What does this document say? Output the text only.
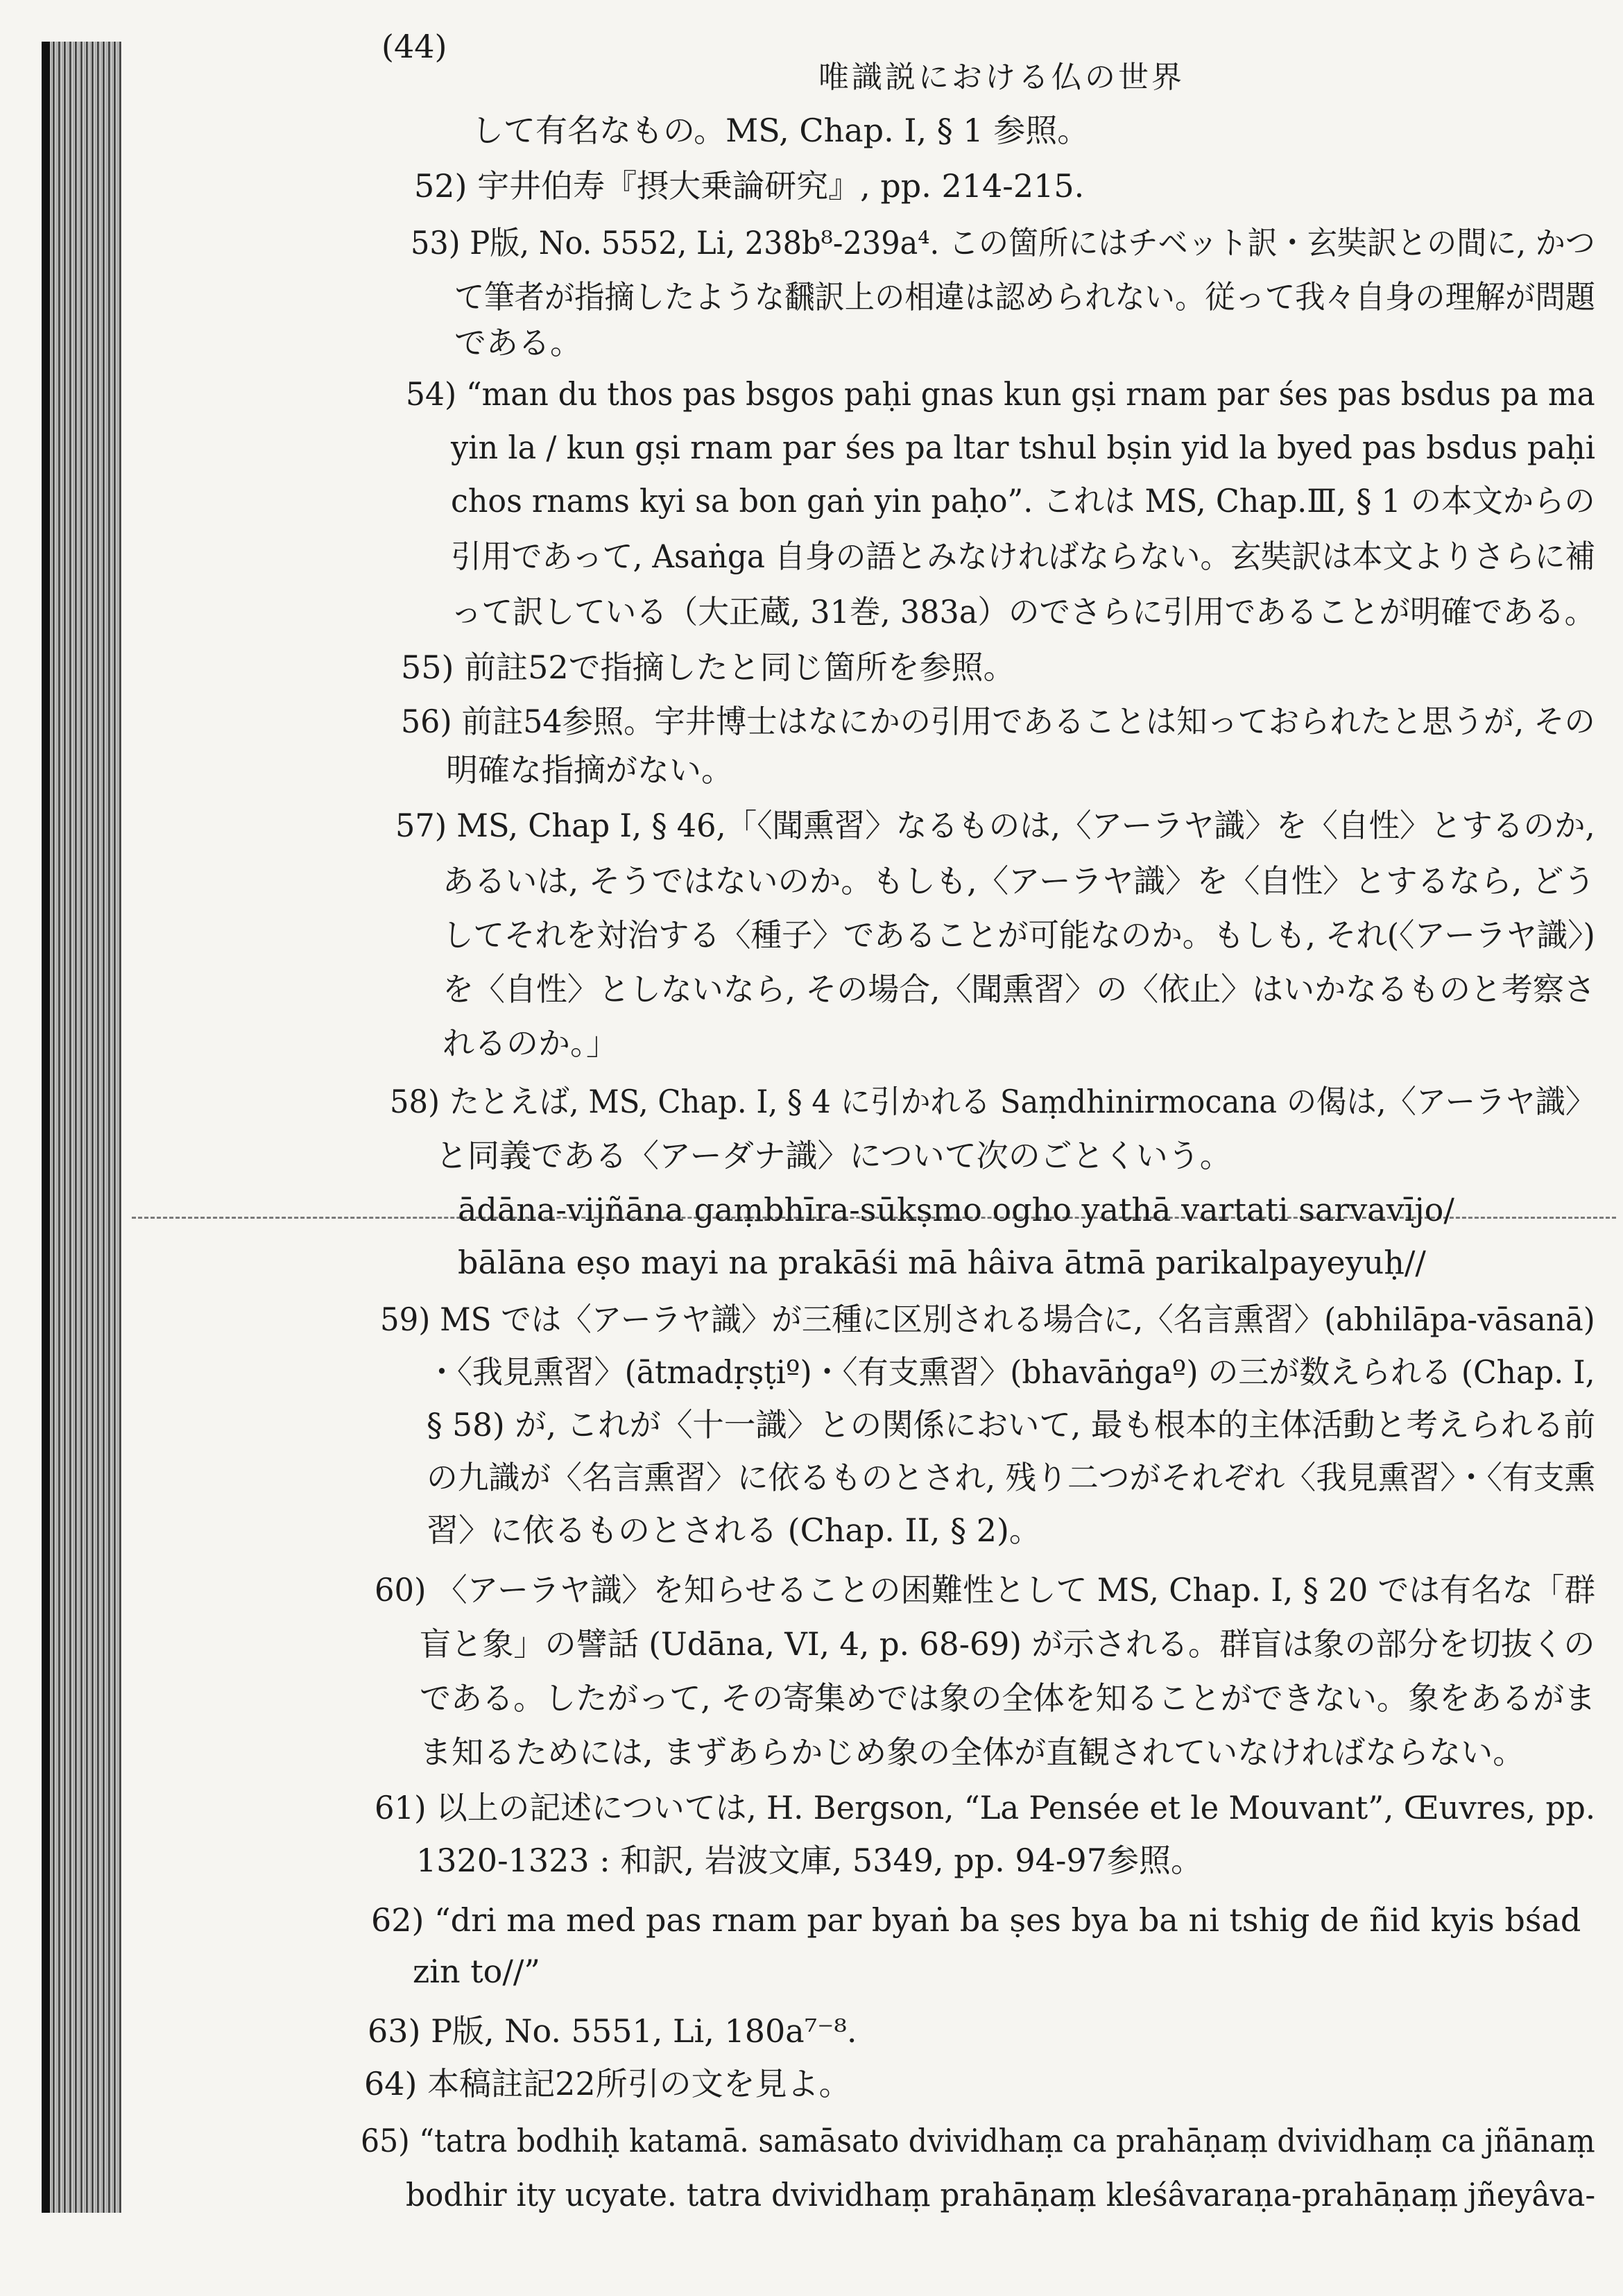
(44)
唯識説における仏の世界
して有名なもの。MS, Chap. I, § 1 参照。
52) 宇井伯寿『摂大乗論研究』, pp. 214-215.
53) P版, No. 5552, Li, 238b⁸-239a⁴. この箇所にはチベット訳・玄奘訳との間に, かつ
て筆者が指摘したような飜訳上の相違は認められない。従って我々自身の理解が問題
である。
54) “man du thos pas bsgos paḥi gnas kun gṣi rnam par śes pas bsdus pa ma
yin la / kun gṣi rnam par śes pa ltar tshul bṣin yid la byed pas bsdus paḥi
chos rnams kyi sa bon gaṅ yin paḥo”. これは MS, Chap.Ⅲ, § 1 の本文からの
引用であって, Asaṅga 自身の語とみなければならない。玄奘訳は本文よりさらに補
って訳している（大正蔵, 31巻, 383a）のでさらに引用であることが明確である。
55) 前註52で指摘したと同じ箇所を参照。
56) 前註54参照。宇井博士はなにかの引用であることは知っておられたと思うが, その
明確な指摘がない。
57) MS, Chap I, § 46,「〈聞熏習〉なるものは,〈アーラヤ識〉を〈自性〉とするのか,
あるいは, そうではないのか。もしも,〈アーラヤ識〉を〈自性〉とするなら, どう
してそれを対治する〈種子〉であることが可能なのか。もしも, それ(〈アーラヤ識〉)
を〈自性〉としないなら, その場合,〈聞熏習〉の〈依止〉はいかなるものと考察さ
れるのか。」
58) たとえば, MS, Chap. I, § 4 に引かれる Saṃdhinirmocana の偈は,〈アーラヤ識〉
と同義である〈アーダナ識〉について次のごとくいう。
ādāna-vijñāna gaṃbhīra-sūkṣmo ogho yathā vartati sarvavījo/
bālāna eṣo mayi na prakāśi mā hâiva ātmā parikalpayeyuḥ//
59) MS では〈アーラヤ識〉が三種に区別される場合に,〈名言熏習〉(abhilāpa-vāsanā)
・〈我見熏習〉(ātmadṛṣṭiº)・〈有支熏習〉(bhavāṅgaº) の三が数えられる (Chap. I,
§ 58) が, これが〈十一識〉との関係において, 最も根本的主体活動と考えられる前
の九識が〈名言熏習〉に依るものとされ, 残り二つがそれぞれ〈我見熏習〉・〈有支熏
習〉に依るものとされる (Chap. II, § 2)。
60) 〈アーラヤ識〉を知らせることの困難性として MS, Chap. I, § 20 では有名な「群
盲と象」の譬話 (Udāna, VI, 4, p. 68-69) が示される。群盲は象の部分を切抜くの
である。したがって, その寄集めでは象の全体を知ることができない。象をあるがま
ま知るためには, まずあらかじめ象の全体が直観されていなければならない。
61) 以上の記述については, H. Bergson, “La Pensée et le Mouvant”, Œuvres, pp.
1320-1323 : 和訳, 岩波文庫, 5349, pp. 94-97参照。
62) “dri ma med pas rnam par byaṅ ba ṣes bya ba ni tshig de ñid kyis bśad
zin to//”
63) P版, No. 5551, Li, 180a⁷⁻⁸.
64) 本稿註記22所引の文を見よ。
65) “tatra bodhiḥ katamā. samāsato dvividhaṃ ca prahāṇaṃ dvividhaṃ ca jñānaṃ
bodhir ity ucyate. tatra dvividhaṃ prahāṇaṃ kleśâvaraṇa-prahāṇaṃ jñeyâva-
